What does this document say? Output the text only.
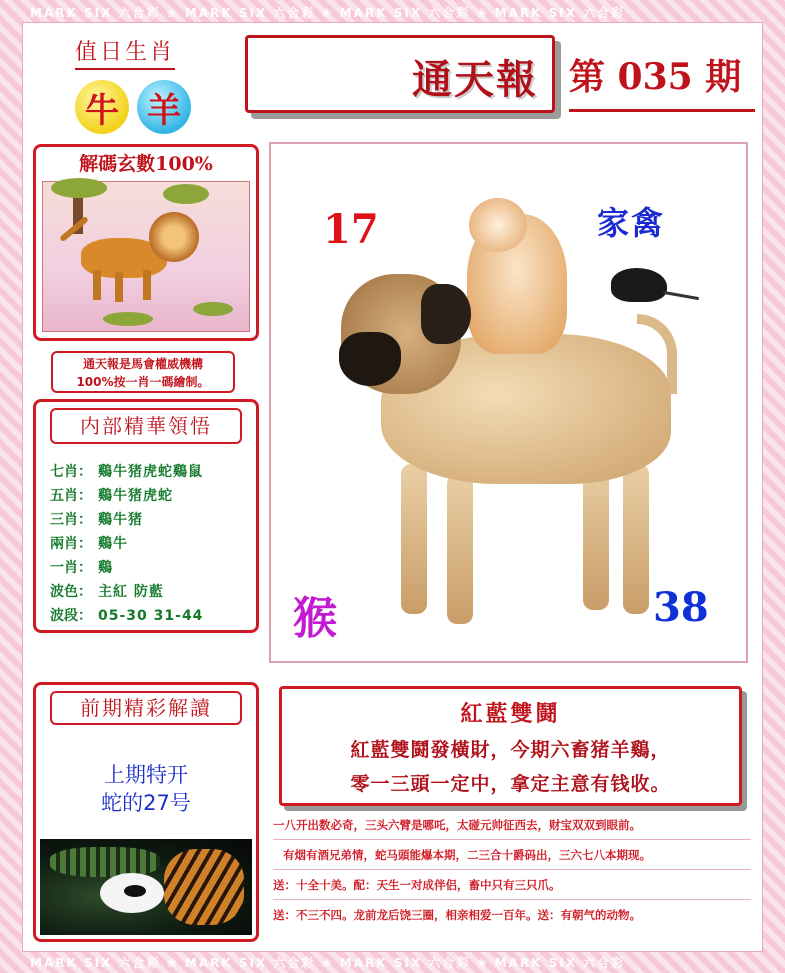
MARK SIX 六合彩 ❀ MARK SIX 六合彩 ❀ MARK SIX 六合彩 ❀ MARK SIX 六合彩
MARK SIX 六合彩 ❀ MARK SIX 六合彩 ❀ MARK SIX 六合彩 ❀ MARK SIX 六合彩
值日生肖
牛 羊
通天報 第 035 期
解碼玄數100%
通天報是馬會權威機構
100%按一肖一碼繪制。
内部精華領悟
七肖： 鷄牛猪虎蛇鷄鼠
五肖： 鷄牛猪虎蛇
三肖： 鷄牛猪
兩肖： 鷄牛
一肖： 鷄
波色： 主紅 防藍
波段： 05-30 31-44
前期精彩解讀
上期特开
蛇的27号
17	家禽
猴	38
紅藍雙鬪
紅藍雙鬪發橫財，今期六畜猪羊鷄，
零一三頭一定中，拿定主意有钱收。
一八开出数必奇，三头六臂是哪吒，太碰元帅征西去，财宝双双到眼前。
有烟有酒兄弟情，蛇马頭能爆本期，二三合十爵码出，三六七八本期现。
送：十全十美。配：天生一对成伴侣，畜中只有三只爪。
送：不三不四。龙前龙后饶三圈，相亲相爱一百年。送：有朝气的动物。
